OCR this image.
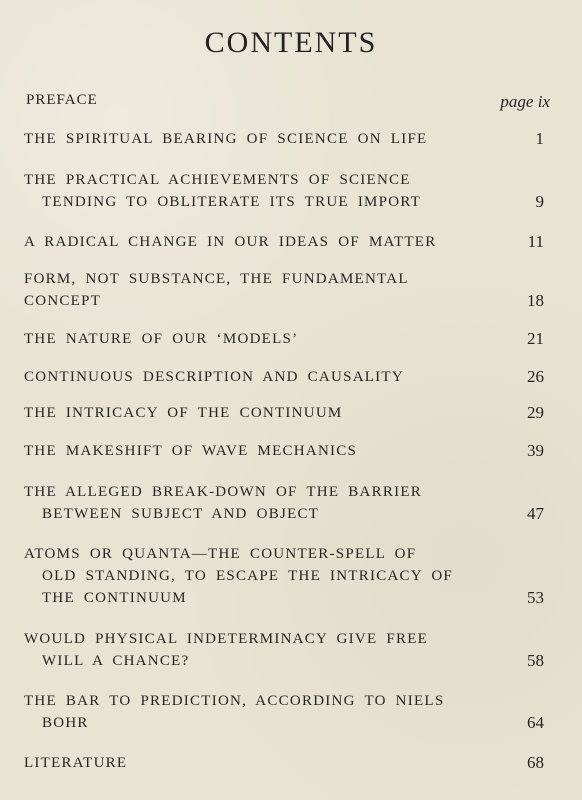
CONTENTS
PREFACE	page ix
THE SPIRITUAL BEARING OF SCIENCE ON LIFE	1
THE PRACTICAL ACHIEVEMENTS OF SCIENCE
TENDING TO OBLITERATE ITS TRUE IMPORT	9
A RADICAL CHANGE IN OUR IDEAS OF MATTER	11
FORM, NOT SUBSTANCE, THE FUNDAMENTAL
CONCEPT	18
THE NATURE OF OUR ‘MODELS’	21
CONTINUOUS DESCRIPTION AND CAUSALITY	26
THE INTRICACY OF THE CONTINUUM	29
THE MAKESHIFT OF WAVE MECHANICS	39
THE ALLEGED BREAK-DOWN OF THE BARRIER
BETWEEN SUBJECT AND OBJECT	47
ATOMS OR QUANTA—THE COUNTER-SPELL OF
OLD STANDING, TO ESCAPE THE INTRICACY OF
THE CONTINUUM	53
WOULD PHYSICAL INDETERMINACY GIVE FREE
WILL A CHANCE?	58
THE BAR TO PREDICTION, ACCORDING TO NIELS
BOHR	64
LITERATURE	68
